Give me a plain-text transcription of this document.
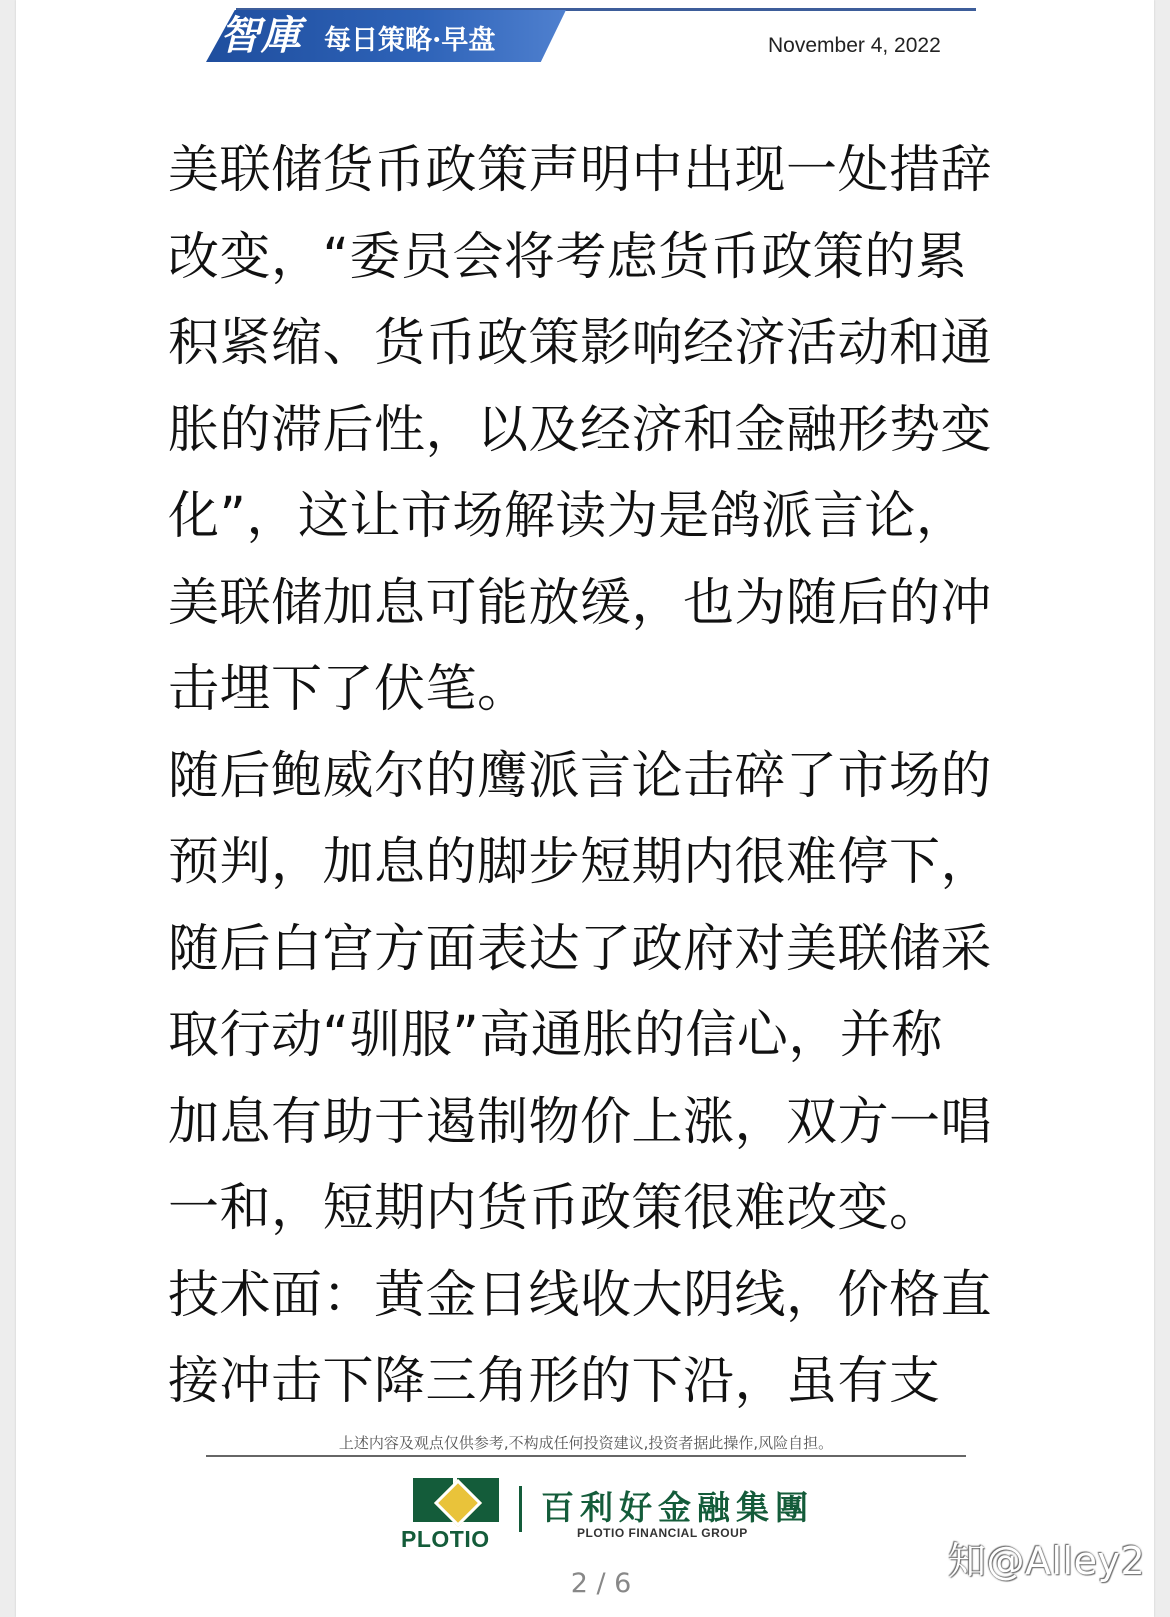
智庫 每日策略·早盘	November 4, 2022
美联储货币政策声明中出现一处措辞
改变，“委员会将考虑货币政策的累
积紧缩、货币政策影响经济活动和通
胀的滞后性，以及经济和金融形势变
化”，这让市场解读为是鸽派言论，
美联储加息可能放缓，也为随后的冲
击埋下了伏笔。
随后鲍威尔的鹰派言论击碎了市场的
预判，加息的脚步短期内很难停下，
随后白宫方面表达了政府对美联储采
取行动“驯服”高通胀的信心，并称
加息有助于遏制物价上涨，双方一唱
一和，短期内货币政策很难改变。
技术面：黄金日线收大阴线，价格直
接冲击下降三角形的下沿，虽有支
上述内容及观点仅供参考,不构成任何投资建议,投资者据此操作,风险自担。
PLOTIO
百利好金融集團
PLOTIO FINANCIAL GROUP
2 / 6
知@Alley2
